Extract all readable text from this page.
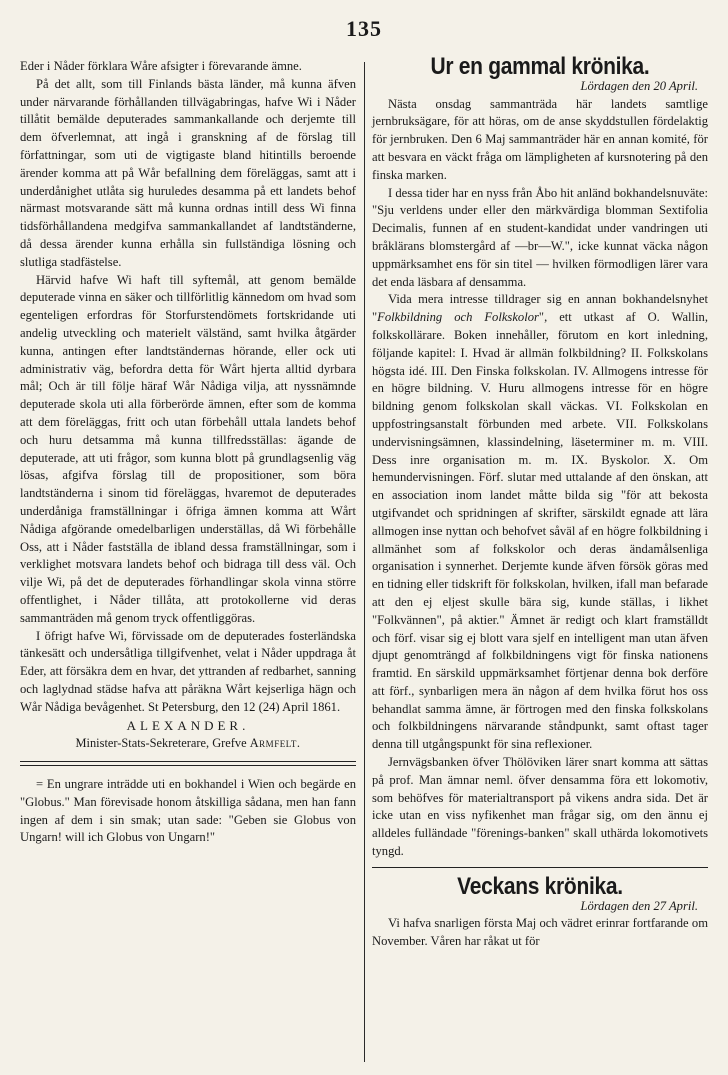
135

Eder i Nåder förklara Wåre afsigter i förevarande ämne.

På det allt, som till Finlands bästa länder, må kunna äfven under närvarande förhållanden tillvägabringas, hafve Wi i Nåder tillåtit bemälde deputerades sammankallande och derjemte till dem öfverlemnat, att ingå i granskning af de förslag till författningar, som uti de vigtigaste bland hitintills beroende ärender komma att på Wår befallning dem föreläggas, samt att i underdånighet utlåta sig huruledes desamma på ett landets behof närmast motsvarande sätt må kunna ordnas intill dess Wi finna tidsförhållandena medgifva sammankallandet af landtständerne, då dessa ärender kunna erhålla sin fullständiga lösning och slutliga stadfästelse.

Härvid hafve Wi haft till syftemål, att genom bemälde deputerade vinna en säker och tillförlitlig kännedom om hvad som egenteligen erfordras för Storfurstendömets fortskridande uti andelig utveckling och materielt välständ, samt hvilka åtgärder kunna, antingen efter landtständernas hörande, eller ock uti administrativ väg, befordra detta för Wårt hjerta alltid dyrbara mål; Och är till följe häraf Wår Nådiga vilja, att nyssnämnde deputerade skola uti alla förberörde ämnen, efter som de komma att dem föreläggas, fritt och utan förbehåll uttala landets behof och huru detsamma må kunna tillfredsställas: ägande de deputerade, att uti frågor, som kunna blott på grundlagsenlig väg lösas, afgifva förslag till de propositioner, som böra landtständerna i sinom tid föreläggas, hvaremot de deputerades underdåniga framställningar i öfriga ämnen komma att Wårt Nådiga afgörande omedelbarligen underställas, då Wi förbehålle Oss, att i Nåder fastställa de ibland dessa framställningar, som i verklighet motsvara landets behof och bidraga till dess väl. Och vilje Wi, på det de deputerades förhandlingar skola vinna större offentlighet, i Nåder tillåta, att protokollerne vid deras sammanträden må genom tryck offentliggöras.

I öfrigt hafve Wi, förvissade om de deputerades fosterländska tänkesätt och undersåtliga tillgifvenhet, velat i Nåder uppdraga åt Eder, att försäkra dem en hvar, det yttranden af redbarhet, sanning och laglydnad städse hafva att påräkna Wårt kejserliga hägn och Wår Nådiga bevågenhet. St Petersburg, den 12 (24) April 1861.

ALEXANDER.
Minister-Stats-Sekreterare, Grefve Armfelt.

= En ungrare inträdde uti en bokhandel i Wien och begärde en "Globus." Man förevisade honom åtskilliga sådana, men han fann ingen af dem i sin smak; utan sade: "Geben sie Globus von Ungarn! will ich Globus von Ungarn!"

Ur en gammal krönika.
Lördagen den 20 April.

Nästa onsdag sammanträda här landets samtlige jernbruksägare, för att höras, om de anse skyddstullen fördelaktig för jernbruken. Den 6 Maj sammanträder här en annan komité, för att besvara en väckt fråga om lämpligheten af kursnotering på den finska marken.

I dessa tider har en nyss från Åbo hit anländ bokhandelsnuväte: "Sju verldens under eller den märkvärdiga blomman Sextifolia Decimalis, funnen af en student-kandidat under vandringen uti bråklärans blomstergård af —br—W.", icke kunnat väcka någon uppmärksamhet ens för sin titel — hvilken förmodligen lärer vara det enda läsbara af densamma.

Vida mera intresse tilldrager sig en annan bokhandelsnyhet "Folkbildning och Folkskolor", ett utkast af O. Wallin, folkskollärare. Boken innehåller, förutom en kort inledning, följande kapitel: I. Hvad är allmän folkbildning? II. Folkskolans högsta idé. III. Den Finska folkskolan. IV. Allmogens intresse för en högre bildning. V. Huru allmogens intresse för en högre bildning genom folkskolan skall väckas. VI. Folkskolan en uppfostringsanstalt förbunden med arbete. VII. Folkskolans undervisningsämnen, klassindelning, läseterminer m. m. VIII. Dess inre organisation m. m. IX. Byskolor. X. Om hemundervisningen. Förf. slutar med uttalande af den önskan, att en association inom landet måtte bilda sig "för att bekosta utgifvandet och spridningen af skrifter, särskildt egnade att lära allmogen inse nyttan och behofvet såväl af en högre folkbildning i allmänhet som af folkskolor och deras ändamålsenliga organisation i synnerhet. Derjemte kunde äfven försök göras med en tidning eller tidskrift för folkskolan, hvilken, ifall man befarade att den ej eljest skulle bära sig, kunde ställas, i likhet "Folkvännen", på aktier." Ämnet är redigt och klart framställdt och förf. visar sig ej blott vara sjelf en intelligent man utan äfven djupt genomträngd af folkbildningens vigt för finska nationens framtid. En särskild uppmärksamhet förtjenar denna bok derföre att förf., synbarligen mera än någon af dem hvilka förut hos oss behandlat samma ämne, är förtrogen med den finska folkskolans och folkbildningens närvarande ståndpunkt, samt oftast tager denna till utgångspunkt för sina reflexioner.

Jernvägsbanken öfver Thölöviken lärer snart komma att sättas på prof. Man ämnar neml. öfver densamma föra ett lokomotiv, som behöfves för materialtransport på vikens andra sida. Det är icke utan en viss nyfikenhet man frågar sig, om den ännu ej alldeles fulländade "förenings-banken" skall uthärda lokomotivets tyngd.

Veckans krönika.
Lördagen den 27 April.

Vi hafva snarligen första Maj och vädret erinrar fortfarande om November. Våren har råkat ut för
